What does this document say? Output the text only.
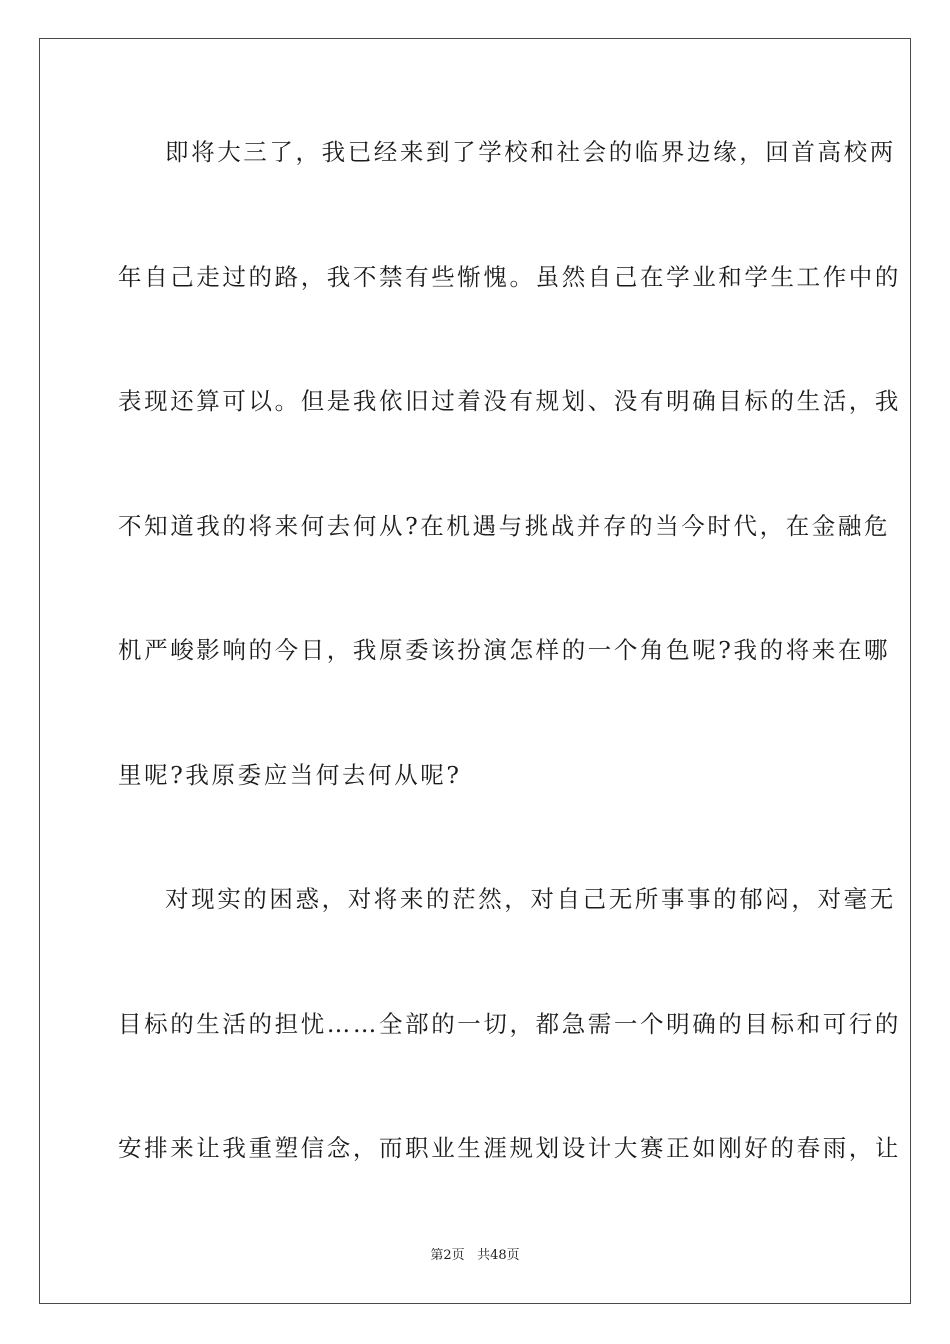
即将大三了，我已经来到了学校和社会的临界边缘，回首高校两
年自己走过的路，我不禁有些惭愧。虽然自己在学业和学生工作中的
表现还算可以。但是我依旧过着没有规划、没有明确目标的生活，我
不知道我的将来何去何从?在机遇与挑战并存的当今时代，在金融危
机严峻影响的今日，我原委该扮演怎样的一个角色呢?我的将来在哪
里呢?我原委应当何去何从呢?
对现实的困惑，对将来的茫然，对自己无所事事的郁闷，对毫无
目标的生活的担忧……全部的一切，都急需一个明确的目标和可行的
安排来让我重塑信念，而职业生涯规划设计大赛正如刚好的春雨，让
第2页 共48页
